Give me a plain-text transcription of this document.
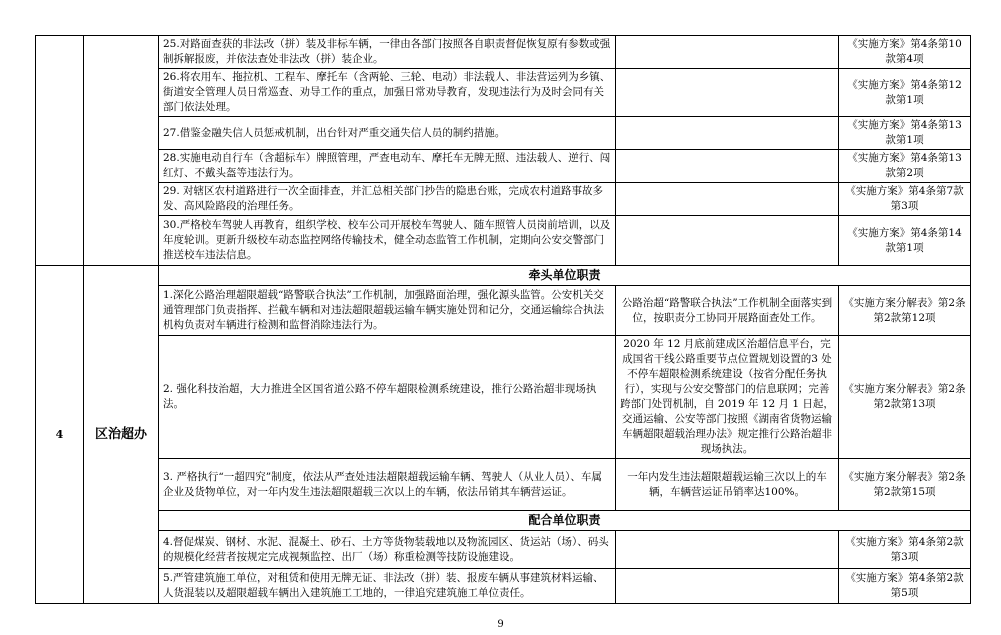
		25.对路面查获的非法改（拼）装及非标车辆，一律由各部门按照各自职责督促恢复原有参数或强制拆解报废，并依法查处非法改（拼）装企业。		《实施方案》第4条第10款第4项
		26.将农用车、拖拉机、工程车、摩托车（含两轮、三轮、电动）非法载人、非法营运列为乡镇、街道安全管理人员日常巡查、劝导工作的重点，加强日常劝导教育，发现违法行为及时会同有关部门依法处理。		《实施方案》第4条第12款第1项
		27.借鉴金融失信人员惩戒机制，出台针对严重交通失信人员的制约措施。		《实施方案》第4条第13款第1项
		28.实施电动自行车（含超标车）牌照管理，严查电动车、摩托车无牌无照、违法载人、逆行、闯红灯、不戴头盔等违法行为。		《实施方案》第4条第13款第2项
		29. 对辖区农村道路进行一次全面排查，并汇总相关部门抄告的隐患台账，完成农村道路事故多发、高风险路段的治理任务。		《实施方案》第4条第7款第3项
		30.严格校车驾驶人再教育，组织学校、校车公司开展校车驾驶人、随车照管人员岗前培训，以及年度轮训。更新升级校车动态监控网络传输技术，健全动态监管工作机制，定期向公安交警部门推送校车违法信息。		《实施方案》第4条第14款第1项
4	区治超办	牵头单位职责		
		1.深化公路治理超限超载“路警联合执法”工作机制，加强路面治理，强化源头监管。公安机关交通管理部门负责指挥、拦截车辆和对违法超限超载运输车辆实施处罚和记分，交通运输综合执法机构负责对车辆进行检测和监督消除违法行为。	公路治超“路警联合执法”工作机制全面落实到位，按职责分工协同开展路面查处工作。	《实施方案分解表》第2条第2款第12项
		2. 强化科技治超，大力推进全区国省道公路不停车超限检测系统建设，推行公路治超非现场执法。	2020 年 12 月底前建成区治超信息平台，完成国省干线公路重要节点位置规划设置的3 处不停车超限检测系统建设（按省分配任务执行），实现与公安交警部门的信息联网；完善跨部门处罚机制，自 2019 年 12 月 1 日起，交通运输、公安等部门按照《湖南省货物运输车辆超限超载治理办法》规定推行公路治超非现场执法。	《实施方案分解表》第2条第2款第13项
		3. 严格执行“一超四究”制度，依法从严查处违法超限超载运输车辆、驾驶人（从业人员）、车属企业及货物单位，对一年内发生违法超限超载三次以上的车辆，依法吊销其车辆营运证。	一年内发生违法超限超载运输三次以上的车辆，车辆营运证吊销率达100%。	《实施方案分解表》第2条第2款第15项
		配合单位职责		
		4.督促煤炭、钢材、水泥、混凝土、砂石、土方等货物装载地以及物流园区、货运站（场）、码头的规模化经营者按规定完成视频监控、出厂（场）称重检测等技防设施建设。		《实施方案》第4条第2款第3项
		5.严管建筑施工单位，对租赁和使用无牌无证、非法改（拼）装、报废车辆从事建筑材料运输、人货混装以及超限超载车辆出入建筑施工工地的，一律追究建筑施工单位责任。		《实施方案》第4条第2款第5项
9
